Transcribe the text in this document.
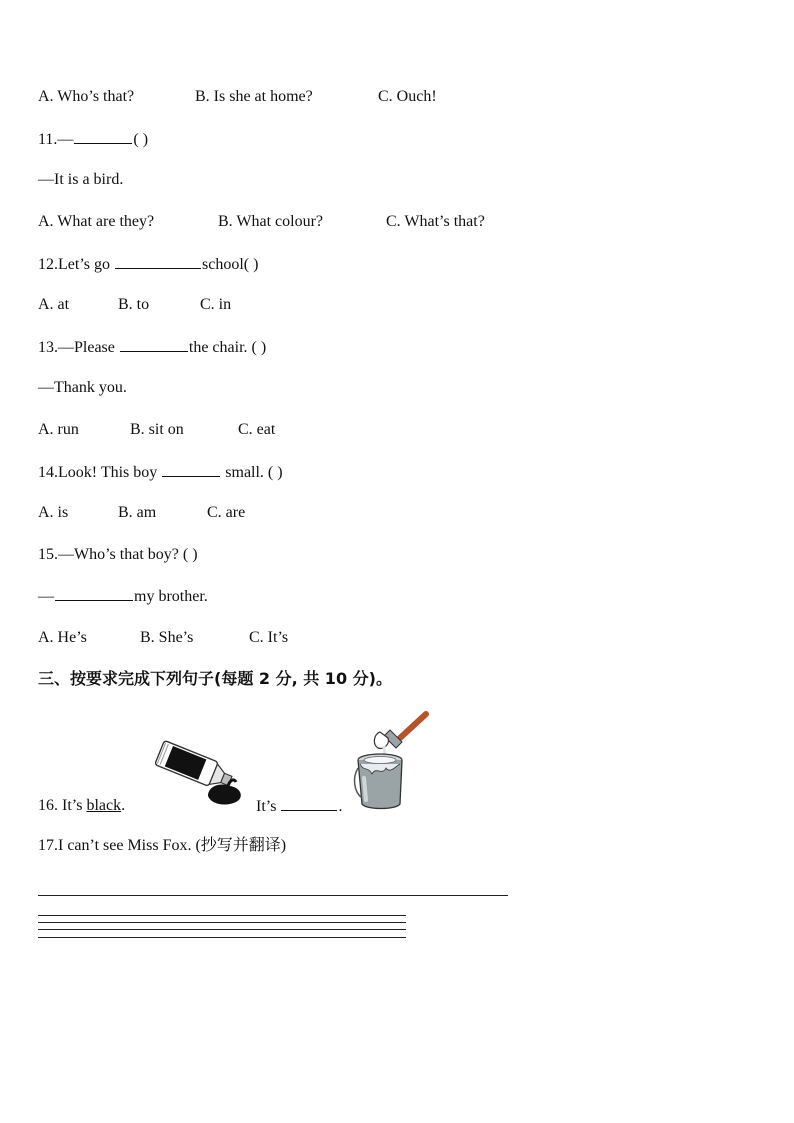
A. Who’s that?	B. Is she at home?	C. Ouch!
11.—	( )
—It is a bird.
A. What are they?	B. What colour?	C. What’s that?
12.Let’s go	school( )
A. at	B. to	C. in
13.—Please	the chair. ( )
—Thank you.
A. run	B. sit on	C. eat
14.Look! This boy	small. ( )
A. is	B. am	C. are
15.—Who’s that boy? ( )
—	my brother.
A. He’s	B. She’s	C. It’s
三、按要求完成下列句子(每题 2 分, 共 10 分)。
16. It’s black.	It’s	.
17.I can’t see Miss Fox. (抄写并翻译)
